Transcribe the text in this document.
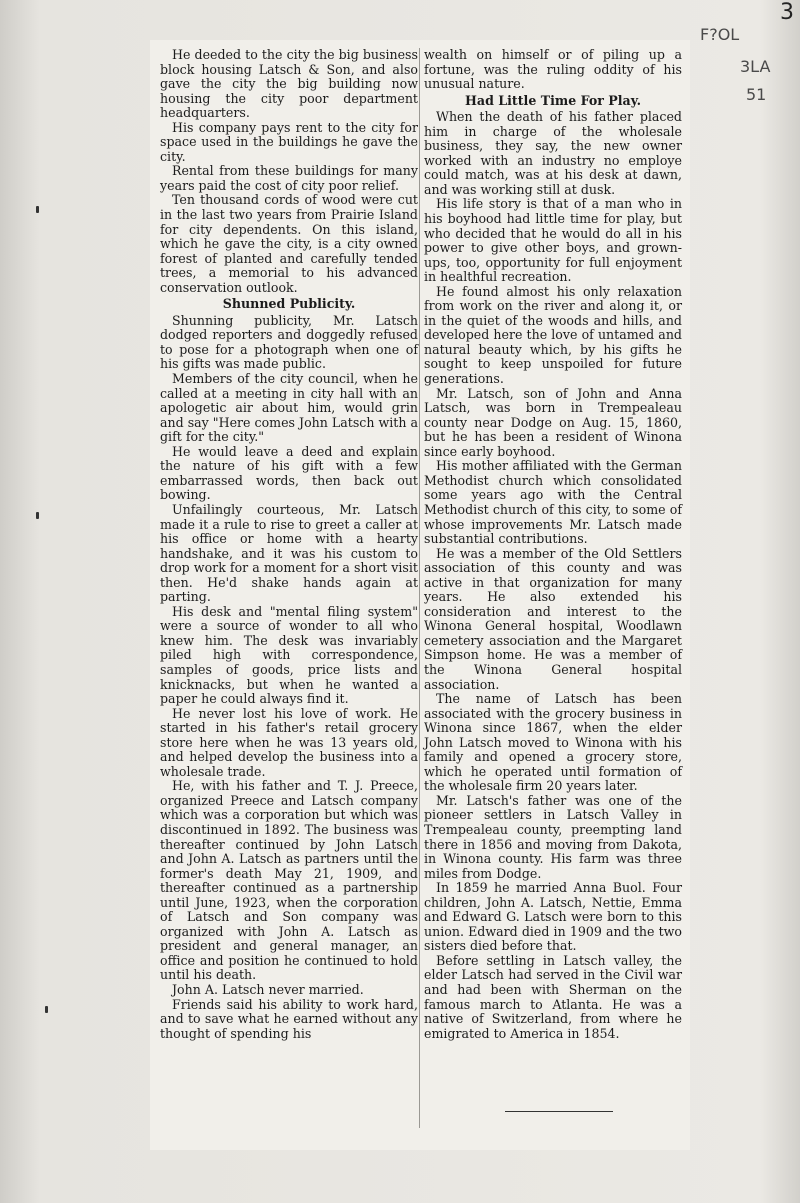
3
F?OL
3LA
51

He deeded to the city the big business block housing Latsch & Son, and also gave the city the big building now housing the city poor department headquarters.

His company pays rent to the city for space used in the buildings he gave the city.

Rental from these buildings for many years paid the cost of city poor relief.

Ten thousand cords of wood were cut in the last two years from Prairie Island for city dependents. On this island, which he gave the city, is a city owned forest of planted and carefully tended trees, a memorial to his advanced conservation outlook.

Shunned Publicity.

Shunning publicity, Mr. Latsch dodged reporters and doggedly refused to pose for a photograph when one of his gifts was made public.

Members of the city council, when he called at a meeting in city hall with an apologetic air about him, would grin and say "Here comes John Latsch with a gift for the city."

He would leave a deed and explain the nature of his gift with a few embarrassed words, then back out bowing.

Unfailingly courteous, Mr. Latsch made it a rule to rise to greet a caller at his office or home with a hearty handshake, and it was his custom to drop work for a moment for a short visit then. He'd shake hands again at parting.

His desk and "mental filing system" were a source of wonder to all who knew him. The desk was invariably piled high with correspondence, samples of goods, price lists and knicknacks, but when he wanted a paper he could always find it.

He never lost his love of work. He started in his father's retail grocery store here when he was 13 years old, and helped develop the business into a wholesale trade.

He, with his father and T. J. Preece, organized Preece and Latsch company which was a corporation but which was discontinued in 1892. The business was thereafter continued by John Latsch and John A. Latsch as partners until the former's death May 21, 1909, and thereafter continued as a partnership until June, 1923, when the corporation of Latsch and Son company was organized with John A. Latsch as president and general manager, an office and position he continued to hold until his death.

John A. Latsch never married.

Friends said his ability to work hard, and to save what he earned without any thought of spending his

wealth on himself or of piling up a fortune, was the ruling oddity of his unusual nature.

Had Little Time For Play.

When the death of his father placed him in charge of the wholesale business, they say, the new owner worked with an industry no employe could match, was at his desk at dawn, and was working still at dusk.

His life story is that of a man who in his boyhood had little time for play, but who decided that he would do all in his power to give other boys, and grown-ups, too, opportunity for full enjoyment in healthful recreation.

He found almost his only relaxation from work on the river and along it, or in the quiet of the woods and hills, and developed here the love of untamed and natural beauty which, by his gifts he sought to keep unspoiled for future generations.

Mr. Latsch, son of John and Anna Latsch, was born in Trempealeau county near Dodge on Aug. 15, 1860, but he has been a resident of Winona since early boyhood.

His mother affiliated with the German Methodist church which consolidated some years ago with the Central Methodist church of this city, to some of whose improvements Mr. Latsch made substantial contributions.

He was a member of the Old Settlers association of this county and was active in that organization for many years. He also extended his consideration and interest to the Winona General hospital, Woodlawn cemetery association and the Margaret Simpson home. He was a member of the Winona General hospital association.

The name of Latsch has been associated with the grocery business in Winona since 1867, when the elder John Latsch moved to Winona with his family and opened a grocery store, which he operated until formation of the wholesale firm 20 years later.

Mr. Latsch's father was one of the pioneer settlers in Latsch Valley in Trempealeau county, preempting land there in 1856 and moving from Dakota, in Winona county. His farm was three miles from Dodge.

In 1859 he married Anna Buol. Four children, John A. Latsch, Nettie, Emma and Edward G. Latsch were born to this union. Edward died in 1909 and the two sisters died before that.

Before settling in Latsch valley, the elder Latsch had served in the Civil war and had been with Sherman on the famous march to Atlanta. He was a native of Switzerland, from where he emigrated to America in 1854.
